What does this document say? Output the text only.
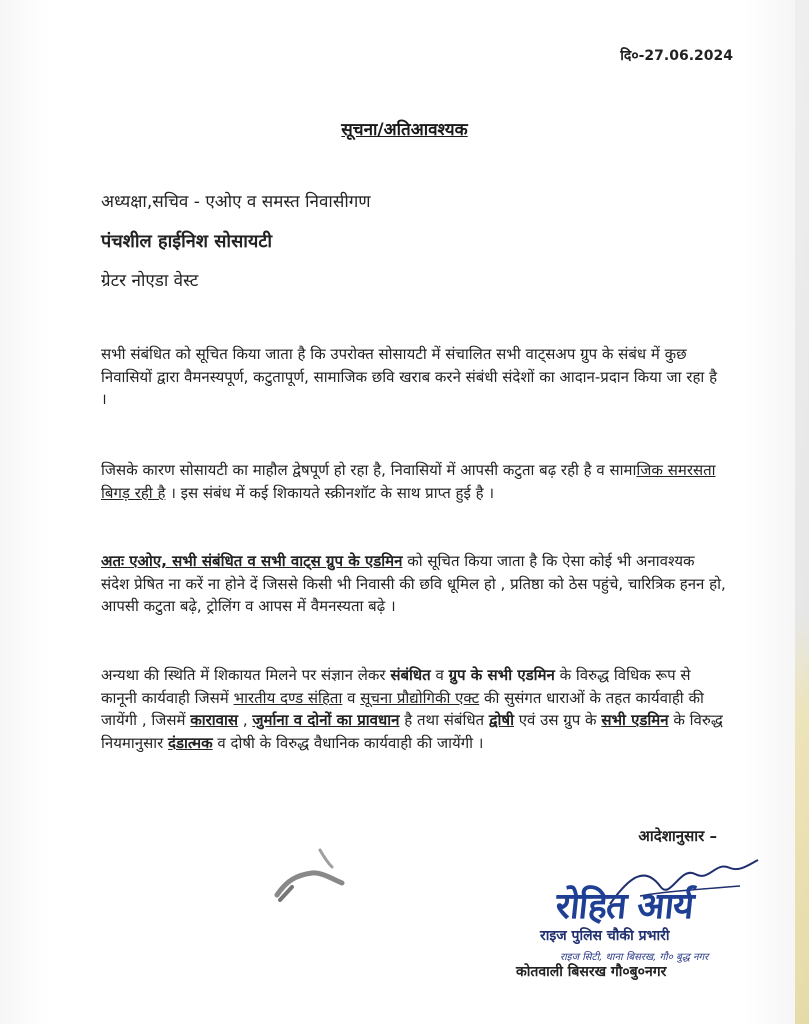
दि०-27.06.2024
सूचना/अतिआवश्यक
अध्यक्षा,सचिव - एओए व समस्त निवासीगण
पंचशील हाईनिश सोसायटी
ग्रेटर नोएडा वेस्ट
सभी संबंधित को सूचित किया जाता है कि उपरोक्त सोसायटी में संचालित सभी वाट्सअप ग्रुप के संबंध में कुछ निवासियों द्वारा वैमनस्यपूर्ण, कटुतापूर्ण, सामाजिक छवि खराब करने संबंधी संदेशों का आदान-प्रदान किया जा रहा है ।
जिसके कारण सोसायटी का माहौल द्वेषपूर्ण हो रहा है, निवासियों में आपसी कटुता बढ़ रही है व सामाजिक समरसता बिगड़ रही है । इस संबंध में कई शिकायते स्क्रीनशॉट के साथ प्राप्त हुई है ।
अतः एओए, सभी संबंधित व सभी वाट्स ग्रुप के एडमिन को सूचित किया जाता है कि ऐसा कोई भी अनावश्यक संदेश प्रेषित ना करें ना होने दें जिससे किसी भी निवासी की छवि धूमिल हो , प्रतिष्ठा को ठेस पहुंचे, चारित्रिक हनन हो, आपसी कटुता बढ़े, ट्रोलिंग व आपस में वैमनस्यता बढ़े ।
अन्यथा की स्थिति में शिकायत मिलने पर संज्ञान लेकर संबंधित व ग्रुप के सभी एडमिन के विरुद्ध विधिक रूप से कानूनी कार्यवाही जिसमें भारतीय दण्ड संहिता व सूचना प्रौद्योगिकी एक्ट की सुसंगत धाराओं के तहत कार्यवाही की जायेंगी , जिसमें कारावास , जुर्माना व दोनों का प्रावधान है तथा संबंधित द्वोषी एवं उस ग्रुप के सभी एडमिन के विरुद्ध नियमानुसार दंडात्मक व दोषी के विरुद्ध वैधानिक कार्यवाही की जायेंगी ।
आदेशानुसार –
रोहित आर्य
राइज पुलिस चौकी प्रभारी
राइज सिटी, थाना बिसरख, गौ० बुद्ध नगर
कोतवाली बिसरख गौ०बु०नगर
